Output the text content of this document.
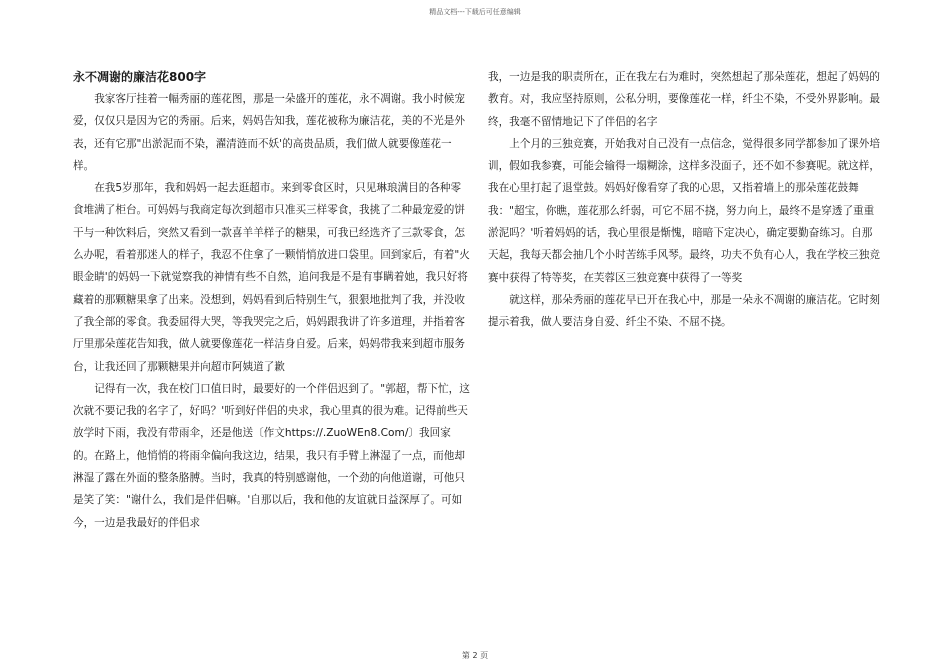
精品文档---下载后可任意编辑

永不凋谢的廉洁花800字

我家客厅挂着一幅秀丽的莲花图，那是一朵盛开的莲花，永不凋谢。我小时候宠爱，仅仅只是因为它的秀丽。后来，妈妈告知我，莲花被称为廉洁花，美的不光是外表，还有它那"出淤泥而不染，濯清涟而不妖'的高贵品质，我们做人就要像莲花一样。

在我5岁那年，我和妈妈一起去逛超市。来到零食区时，只见琳琅满目的各种零食堆满了柜台。可妈妈与我商定每次到超市只准买三样零食，我挑了二种最宠爱的饼干与一种饮料后，突然又看到一款喜羊羊样子的糖果，可我已经选齐了三款零食，怎么办呢，看着那迷人的样子，我忍不住拿了一颗悄悄放进口袋里。回到家后，有着"火眼金睛'的妈妈一下就觉察我的神情有些不自然，追问我是不是有事瞒着她，我只好将藏着的那颗糖果拿了出来。没想到，妈妈看到后特别生气，狠狠地批判了我，并没收了我全部的零食。我委屈得大哭，等我哭完之后，妈妈跟我讲了许多道理，并指着客厅里那朵莲花告知我，做人就要像莲花一样洁身自爱。后来，妈妈带我来到超市服务台，让我还回了那颗糖果并向超市阿姨道了歉

记得有一次，我在校门口值日时，最要好的一个伴侣迟到了。"郭超，帮下忙，这次就不要记我的名字了，好吗？'听到好伴侣的央求，我心里真的很为难。记得前些天放学时下雨，我没有带雨伞，还是他送〔作文https://.ZuoWEn8.Com/〕我回家的。在路上，他悄悄的将雨伞偏向我这边，结果，我只有手臂上淋湿了一点，而他却淋湿了露在外面的整条胳膊。当时，我真的特别感谢他，一个劲的向他道谢，可他只是笑了笑："谢什么，我们是伴侣嘛。'自那以后，我和他的友谊就日益深厚了。可如今，一边是我最好的伴侣求

我，一边是我的职责所在，正在我左右为难时，突然想起了那朵莲花，想起了妈妈的教育。对，我应坚持原则，公私分明，要像莲花一样，纤尘不染，不受外界影响。最终，我毫不留情地记下了伴侣的名字

上个月的三独竞赛，开始我对自己没有一点信念，觉得很多同学都参加了课外培训，假如我参赛，可能会输得一塌糊涂，这样多没面子，还不如不参赛呢。就这样，我在心里打起了退堂鼓。妈妈好像看穿了我的心思，又指着墙上的那朵莲花鼓舞我："超宝，你瞧，莲花那么纤弱，可它不屈不挠，努力向上，最终不是穿透了重重淤泥吗？'听着妈妈的话，我心里很是惭愧，暗暗下定决心，确定要勤奋练习。自那天起，我每天都会抽几个小时苦练手风琴。最终，功夫不负有心人，我在学校三独竞赛中获得了特等奖，在芙蓉区三独竞赛中获得了一等奖

就这样，那朵秀丽的莲花早已开在我心中，那是一朵永不凋谢的廉洁花。它时刻提示着我，做人要洁身自爱、纤尘不染、不屈不挠。

第 2 页
